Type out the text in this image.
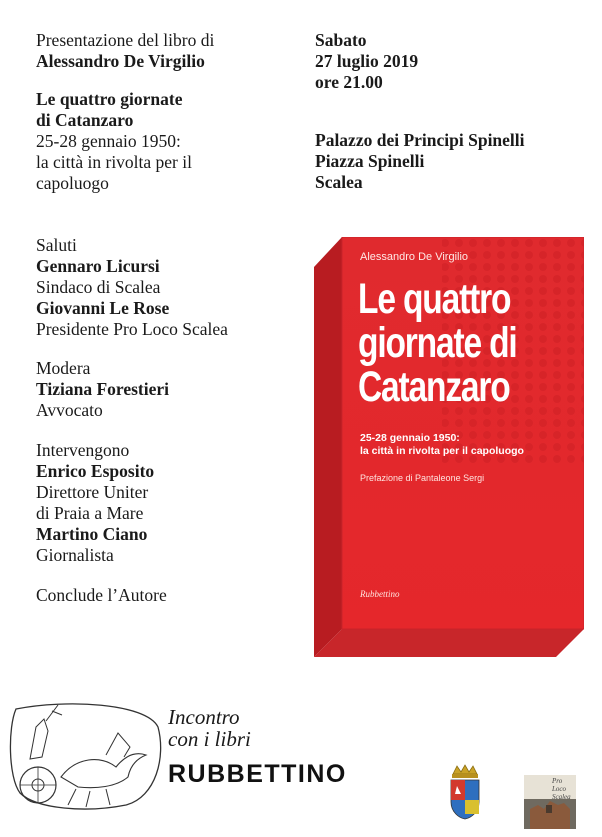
Presentazione del libro di
Alessandro De Virgilio
Le quattro giornate
di Catanzaro
25-28 gennaio 1950:
la città in rivolta per il
capoluogo
Saluti
Gennaro Licursi
Sindaco di Scalea
Giovanni Le Rose
Presidente Pro Loco Scalea
Modera
Tiziana Forestieri
Avvocato
Intervengono
Enrico Esposito
Direttore Uniter
di Praia a Mare
Martino Ciano
Giornalista
Conclude l’Autore
Sabato
27 luglio 2019
ore 21.00
Palazzo dei Principi Spinelli
Piazza Spinelli
Scalea
Alessandro De Virgilio
Le quattro
giornate di
Catanzaro
25-28 gennaio 1950:
la città in rivolta per il capoluogo
Prefazione di Pantaleone Sergi
Rubbettino
Incontro
con i libri
RUBBETTINO	Pro Loco
Scalea
